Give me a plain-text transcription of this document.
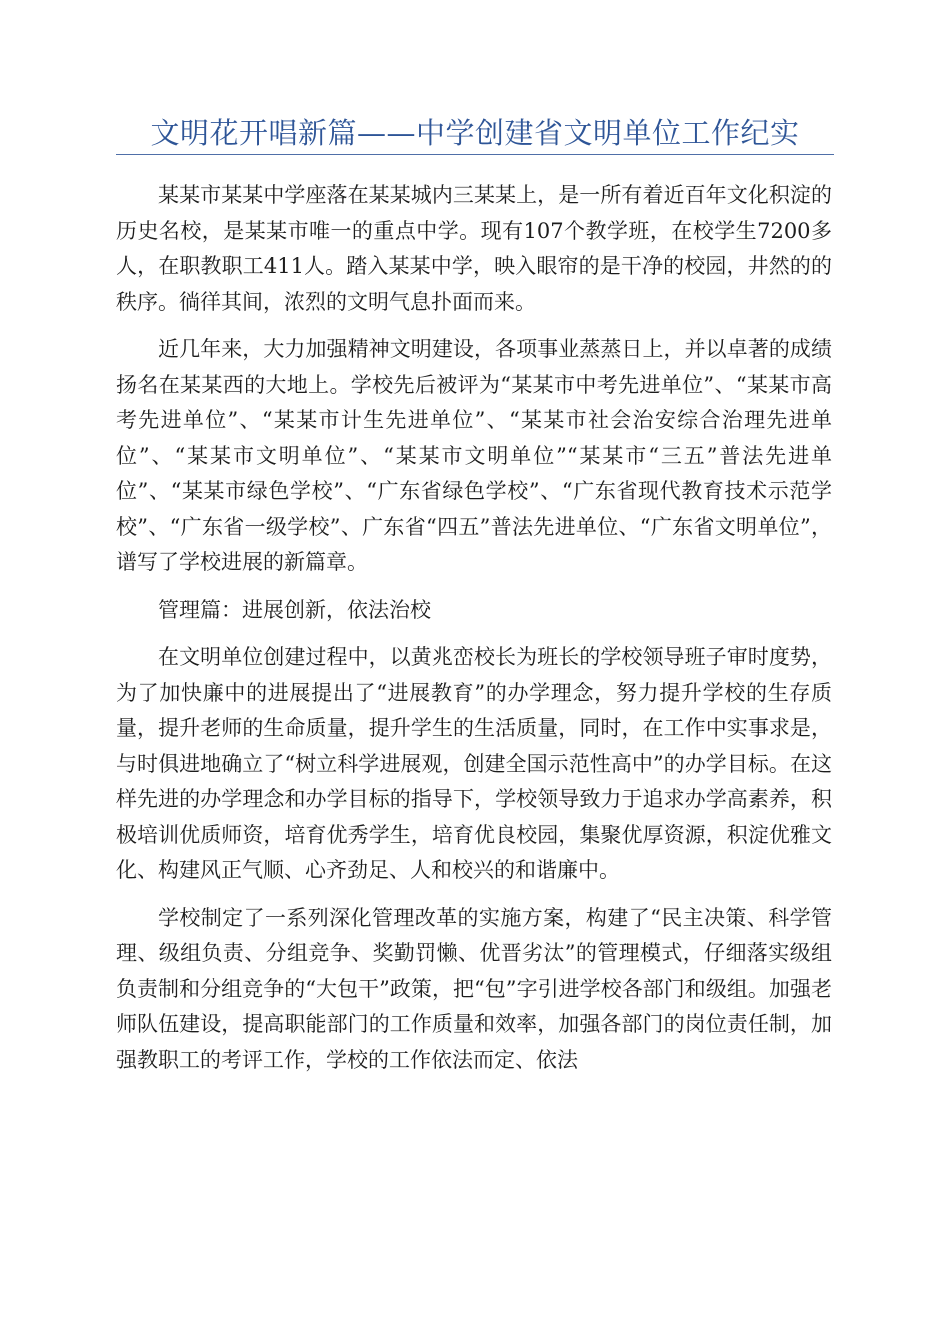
文明花开唱新篇——中学创建省文明单位工作纪实

某某市某某中学座落在某某城内三某某上，是一所有着近百年文化积淀的历史名校，是某某市唯一的重点中学。现有107个教学班，在校学生7200多人，在职教职工411人。踏入某某中学，映入眼帘的是干净的校园，井然的的秩序。徜徉其间，浓烈的文明气息扑面而来。

近几年来，大力加强精神文明建设，各项事业蒸蒸日上，并以卓著的成绩扬名在某某西的大地上。学校先后被评为“某某市中考先进单位”、“某某市高考先进单位”、“某某市计生先进单位”、“某某市社会治安综合治理先进单位”、“某某市文明单位”、“某某市文明单位”“某某市“三五”普法先进单位”、“某某市绿色学校”、“广东省绿色学校”、“广东省现代教育技术示范学校”、“广东省一级学校”、广东省“四五”普法先进单位、“广东省文明单位”，谱写了学校进展的新篇章。

管理篇：进展创新，依法治校

在文明单位创建过程中，以黄兆峦校长为班长的学校领导班子审时度势，为了加快廉中的进展提出了“进展教育”的办学理念，努力提升学校的生存质量，提升老师的生命质量，提升学生的生活质量，同时，在工作中实事求是，与时俱进地确立了“树立科学进展观，创建全国示范性高中”的办学目标。在这样先进的办学理念和办学目标的指导下，学校领导致力于追求办学高素养，积极培训优质师资，培育优秀学生，培育优良校园，集聚优厚资源，积淀优雅文化、构建风正气顺、心齐劲足、人和校兴的和谐廉中。

学校制定了一系列深化管理改革的实施方案，构建了“民主决策、科学管理、级组负责、分组竞争、奖勤罚懒、优晋劣汰”的管理模式，仔细落实级组负责制和分组竞争的“大包干”政策，把“包”字引进学校各部门和级组。加强老师队伍建设，提高职能部门的工作质量和效率，加强各部门的岗位责任制，加强教职工的考评工作，学校的工作依法而定、依法
